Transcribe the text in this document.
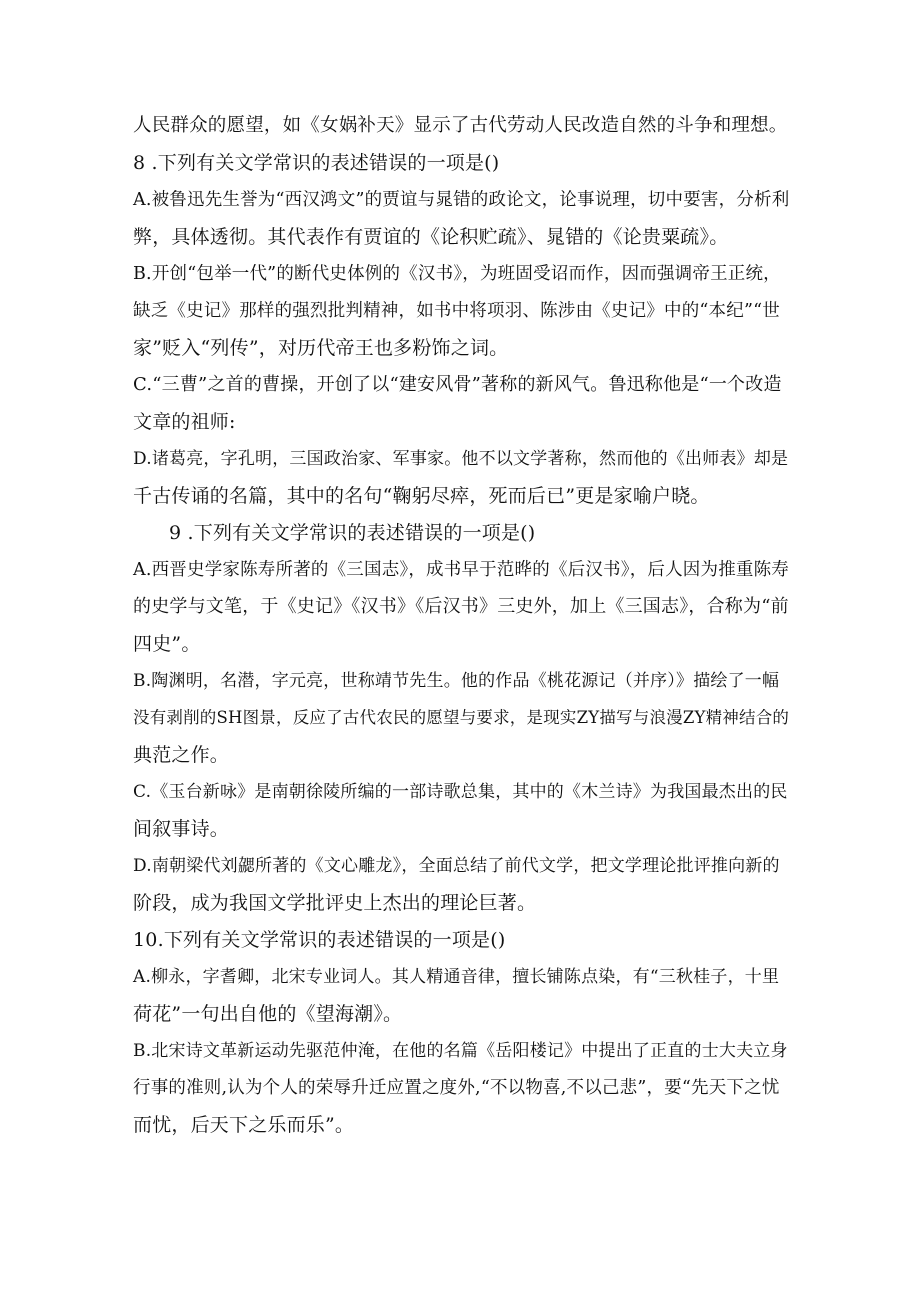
人民群众的愿望，如《女娲补天》显示了古代劳动人民改造自然的斗争和理想。
8 .下列有关文学常识的表述错误的一项是()
A.被鲁迅先生誉为“西汉鸿文”的贾谊与晁错的政论文，论事说理，切中要害，分析利
弊，具体透彻。其代表作有贾谊的《论积贮疏》、晁错的《论贵粟疏》。
B.开创“包举一代”的断代史体例的《汉书》，为班固受诏而作，因而强调帝王正统，
缺乏《史记》那样的强烈批判精神，如书中将项羽、陈涉由《史记》中的“本纪”“世
家”贬入“列传”，对历代帝王也多粉饰之词。
C.“三曹”之首的曹操，开创了以“建安风骨”著称的新风气。鲁迅称他是“一个改造
文章的祖师:
D.诸葛亮，字孔明，三国政治家、军事家。他不以文学著称，然而他的《出师表》却是
千古传诵的名篇，其中的名句“鞠躬尽瘁，死而后已”更是家喻户晓。
9 .下列有关文学常识的表述错误的一项是()
A.西晋史学家陈寿所著的《三国志》，成书早于范晔的《后汉书》，后人因为推重陈寿
的史学与文笔，于《史记》《汉书》《后汉书》三史外，加上《三国志》，合称为“前
四史”。
B.陶渊明，名潜，字元亮，世称靖节先生。他的作品《桃花源记（并序）》描绘了一幅
没有剥削的SH图景，反应了古代农民的愿望与要求，是现实ZY描写与浪漫ZY精神结合的
典范之作。
C.《玉台新咏》是南朝徐陵所编的一部诗歌总集，其中的《木兰诗》为我国最杰出的民
间叙事诗。
D.南朝梁代刘勰所著的《文心雕龙》，全面总结了前代文学，把文学理论批评推向新的
阶段，成为我国文学批评史上杰出的理论巨著。
10.下列有关文学常识的表述错误的一项是()
A.柳永，字耆卿，北宋专业词人。其人精通音律，擅长铺陈点染，有“三秋桂子，十里
荷花”一句出自他的《望海潮》。
B.北宋诗文革新运动先驱范仲淹，在他的名篇《岳阳楼记》中提出了正直的士大夫立身
行事的准则,认为个人的荣辱升迁应置之度外,“不以物喜,不以己悲”，要“先天下之忧
而忧，后天下之乐而乐”。
